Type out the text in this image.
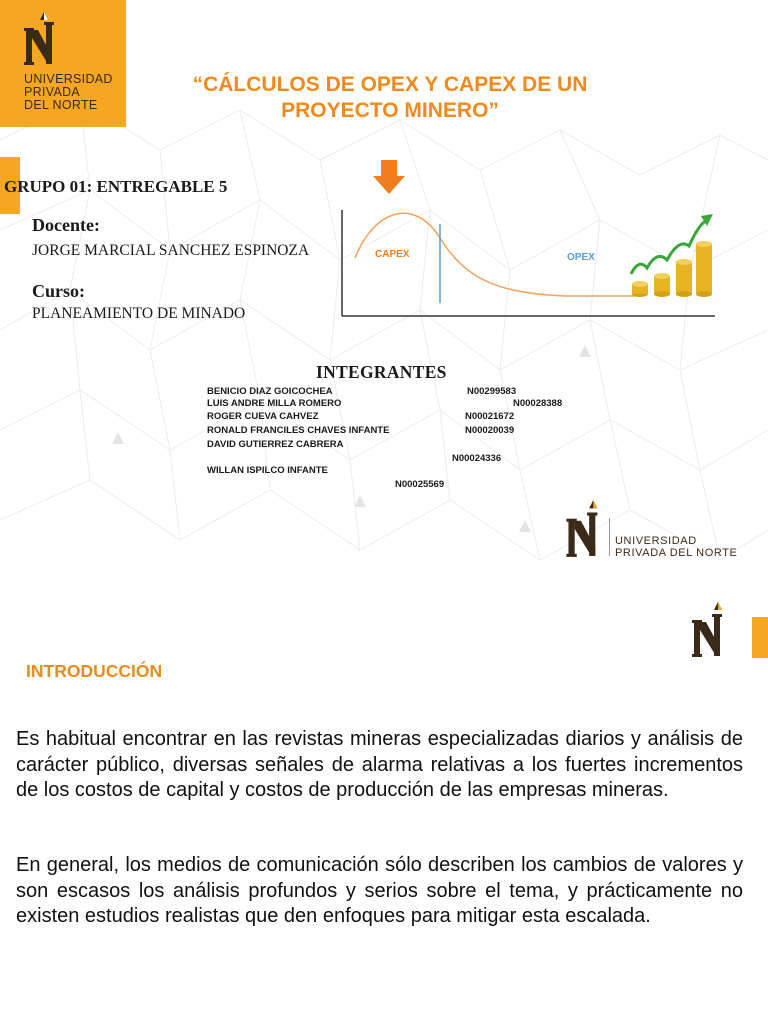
UNIVERSIDAD
PRIVADA
DEL NORTE
“CÁLCULOS DE OPEX Y CAPEX DE UN
PROYECTO MINERO”
GRUPO 01: ENTREGABLE 5
Docente:
JORGE MARCIAL SANCHEZ ESPINOZA
Curso:
PLANEAMIENTO DE MINADO
CAPEX	OPEX
INTEGRANTES
BENICIO DIAZ GOICOCHEA	N00299583
LUIS ANDRE MILLA ROMERO	N00028388
ROGER CUEVA CAHVEZ	N00021672
RONALD FRANCILES CHAVES INFANTE	N00020039
DAVID GUTIERREZ CABRERA
N00024336
WILLAN ISPILCO INFANTE
N00025569
UNIVERSIDAD
PRIVADA DEL NORTE
INTRODUCCIÓN
Es habitual encontrar en las revistas mineras especializadas diarios y análisis de carácter público, diversas señales de alarma relativas a los fuertes incrementos de los costos de capital y costos de producción de las empresas mineras.
En general, los medios de comunicación sólo describen los cambios de valores y son escasos los análisis profundos y serios sobre el tema, y prácticamente no existen estudios realistas que den enfoques para mitigar esta escalada.
